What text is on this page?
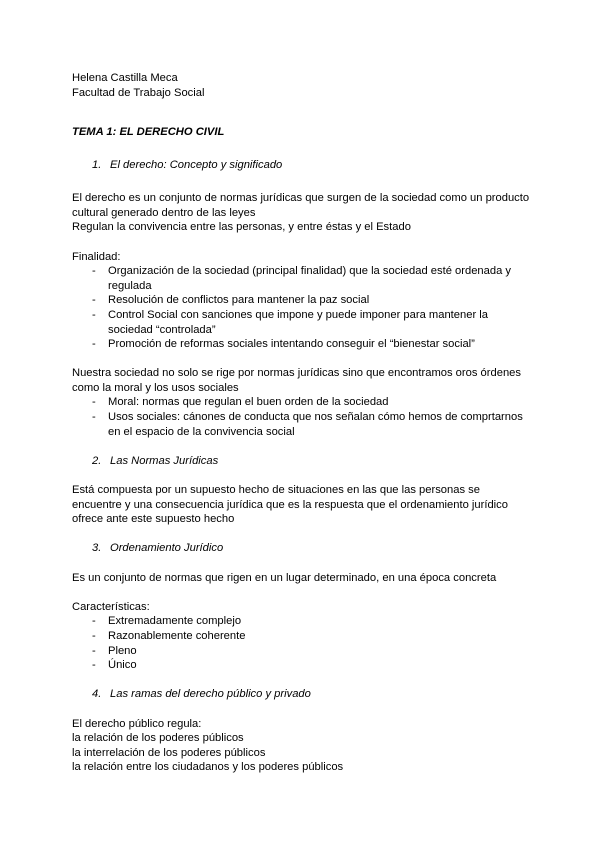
Helena Castilla Meca
Facultad de Trabajo Social
TEMA 1: EL DERECHO CIVIL
1. El derecho: Concepto y significado
El derecho es un conjunto de normas jurídicas que surgen de la sociedad como un producto
cultural generado dentro de las leyes
Regulan la convivencia entre las personas, y entre éstas y el Estado
Finalidad:
-	Organización de la sociedad (principal finalidad) que la sociedad esté ordenada y regulada
-	Resolución de conflictos para mantener la paz social
-	Control Social con sanciones que impone y puede imponer para mantener la sociedad “controlada”
-	Promoción de reformas sociales intentando conseguir el “bienestar social”
Nuestra sociedad no solo se rige por normas jurídicas sino que encontramos oros órdenes
como la moral y los usos sociales
-	Moral: normas que regulan el buen orden de la sociedad
-	Usos sociales: cánones de conducta que nos señalan cómo hemos de comprtarnos en el espacio de la convivencia social
2. Las Normas Jurídicas
Está compuesta por un supuesto hecho de situaciones en las que las personas se
encuentre y una consecuencia jurídica que es la respuesta que el ordenamiento jurídico
ofrece ante este supuesto hecho
3. Ordenamiento Jurídico
Es un conjunto de normas que rigen en un lugar determinado, en una época concreta
Características:
-	Extremadamente complejo
-	Razonablemente coherente
-	Pleno
-	Único
4. Las ramas del derecho público y privado
El derecho público regula:
la relación de los poderes públicos
la interrelación de los poderes públicos
la relación entre los ciudadanos y los poderes públicos
